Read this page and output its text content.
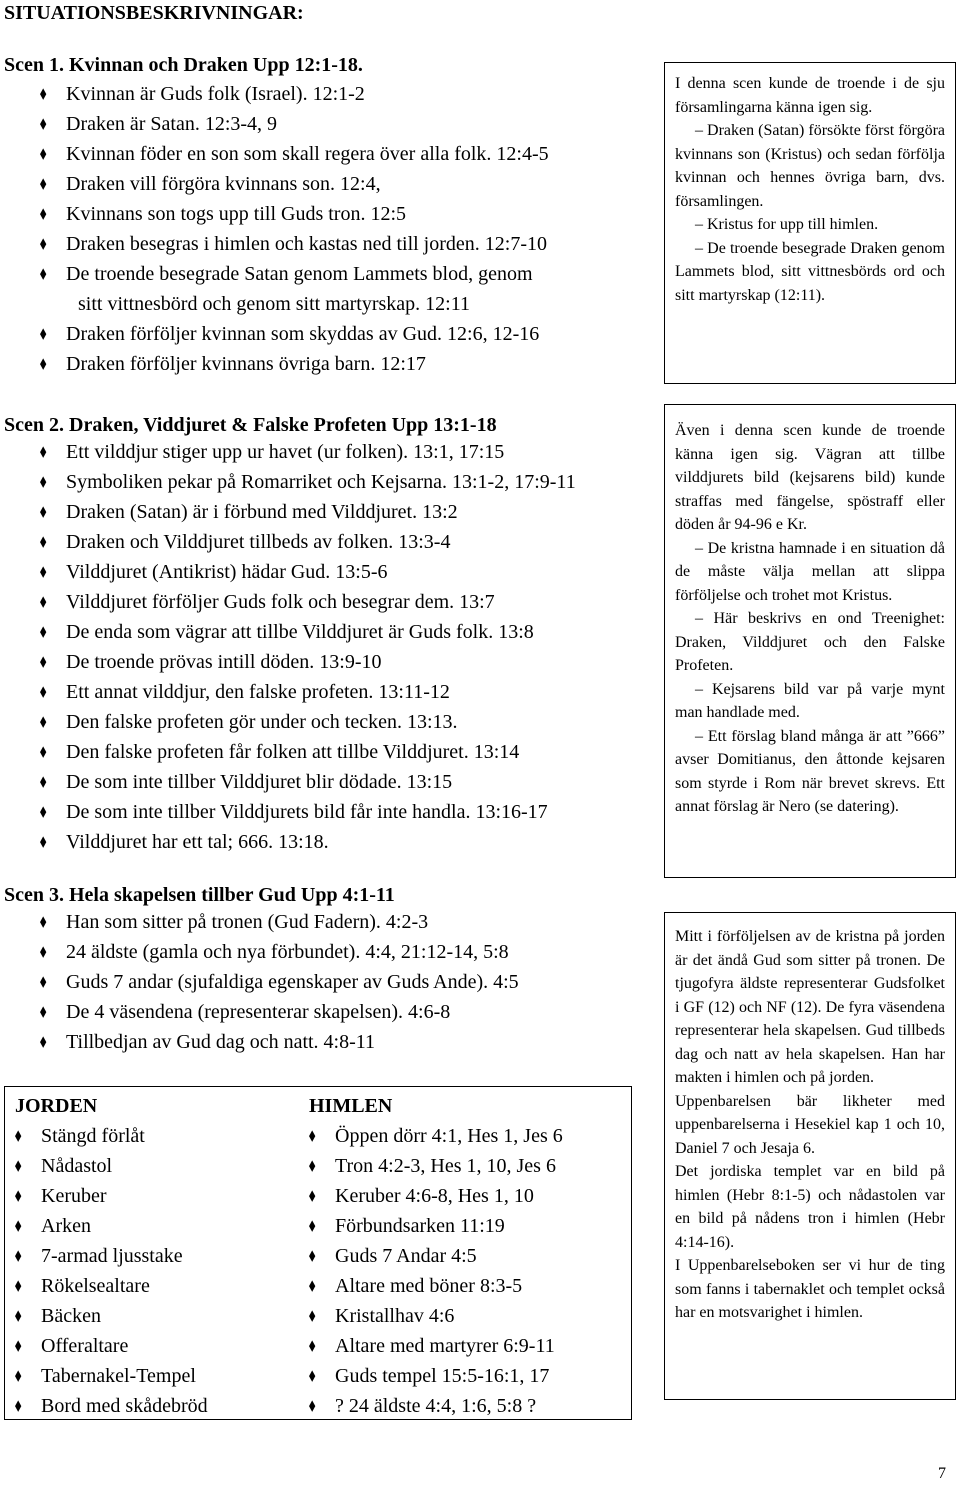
SITUATIONSBESKRIVNINGAR:
Scen 1. Kvinnan och Draken Upp 12:1-18.
◆ Kvinnan är Guds folk (Israel). 12:1-2
◆ Draken är Satan. 12:3-4, 9
◆ Kvinnan föder en son som skall regera över alla folk. 12:4-5
◆ Draken vill förgöra kvinnans son. 12:4,
◆ Kvinnans son togs upp till Guds tron. 12:5
◆ Draken besegras i himlen och kastas ned till jorden. 12:7-10
◆ De troende besegrade Satan genom Lammets blod, genom
sitt vittnesbörd och genom sitt martyrskap. 12:11
◆ Draken förföljer kvinnan som skyddas av Gud. 12:6, 12-16
◆ Draken förföljer kvinnans övriga barn. 12:17
Scen 2. Draken, Viddjuret & Falske Profeten Upp 13:1-18
◆ Ett vilddjur stiger upp ur havet (ur folken). 13:1, 17:15
◆ Symboliken pekar på Romarriket och Kejsarna. 13:1-2, 17:9-11
◆ Draken (Satan) är i förbund med Vilddjuret. 13:2
◆ Draken och Vilddjuret tillbeds av folken. 13:3-4
◆ Vilddjuret (Antikrist) hädar Gud. 13:5-6
◆ Vilddjuret förföljer Guds folk och besegrar dem. 13:7
◆ De enda som vägrar att tillbe Vilddjuret är Guds folk. 13:8
◆ De troende prövas intill döden. 13:9-10
◆ Ett annat vilddjur, den falske profeten. 13:11-12
◆ Den falske profeten gör under och tecken. 13:13.
◆ Den falske profeten får folken att tillbe Vilddjuret. 13:14
◆ De som inte tillber Vilddjuret blir dödade. 13:15
◆ De som inte tillber Vilddjurets bild får inte handla. 13:16-17
◆ Vilddjuret har ett tal; 666. 13:18.
Scen 3. Hela skapelsen tillber Gud Upp 4:1-11
◆ Han som sitter på tronen (Gud Fadern). 4:2-3
◆ 24 äldste (gamla och nya förbundet). 4:4, 21:12-14, 5:8
◆ Guds 7 andar (sjufaldiga egenskaper av Guds Ande). 4:5
◆ De 4 väsendena (representerar skapelsen). 4:6-8
◆ Tillbedjan av Gud dag och natt. 4:8-11
JORDEN
◆ Stängd förlåt
◆ Nådastol
◆ Keruber
◆ Arken
◆ 7-armad ljusstake
◆ Rökelsealtare
◆ Bäcken
◆ Offeraltare
◆ Tabernakel-Tempel
◆ Bord med skådebröd
HIMLEN
◆ Öppen dörr 4:1, Hes 1, Jes 6
◆ Tron 4:2-3, Hes 1, 10, Jes 6
◆ Keruber 4:6-8, Hes 1, 10
◆ Förbundsarken 11:19
◆ Guds 7 Andar 4:5
◆ Altare med böner 8:3-5
◆ Kristallhav 4:6
◆ Altare med martyrer 6:9-11
◆ Guds tempel 15:5-16:1, 17
◆ ? 24 äldste 4:4, 1:6, 5:8 ?

I denna scen kunde de troende i de sju församlingarna känna igen sig.

– Draken (Satan) försökte först förgöra kvinnans son (Kristus) och sedan förfölja kvinnan och hennes övriga barn, dvs. församlingen.

– Kristus for upp till himlen.

– De troende besegrade Draken genom Lammets blod, sitt vittnesbörds ord och sitt martyrskap (12:11).

Även i denna scen kunde de troende känna igen sig. Vägran att tillbe vilddjurets bild (kejsarens bild) kunde straffas med fängelse, spöstraff eller döden år 94-96 e Kr.

– De kristna hamnade i en situation då de måste välja mellan att slippa förföljelse och trohet mot Kristus.

– Här beskrivs en ond Treenighet: Draken, Vilddjuret och den Falske Profeten.

– Kejsarens bild var på varje mynt man handlade med.

– Ett förslag bland många är att ”666” avser Domitianus, den åttonde kejsaren som styrde i Rom när brevet skrevs. Ett annat förslag är Nero (se datering).

Mitt i förföljelsen av de kristna på jorden är det ändå Gud som sitter på tronen. De tjugofyra äldste representerar Gudsfolket i GF (12) och NF (12). De fyra väsendena representerar hela skapelsen. Gud tillbeds dag och natt av hela skapelsen. Han har makten i himlen och på jorden.

Uppenbarelsen bär likheter med uppenbarelserna i Hesekiel kap 1 och 10, Daniel 7 och Jesaja 6.

Det jordiska templet var en bild på himlen (Hebr 8:1-5) och nådastolen var en bild på nådens tron i himlen (Hebr 4:14-16).

I Uppenbarelseboken ser vi hur de ting som fanns i tabernaklet och templet också har en motsvarighet i himlen.

7
